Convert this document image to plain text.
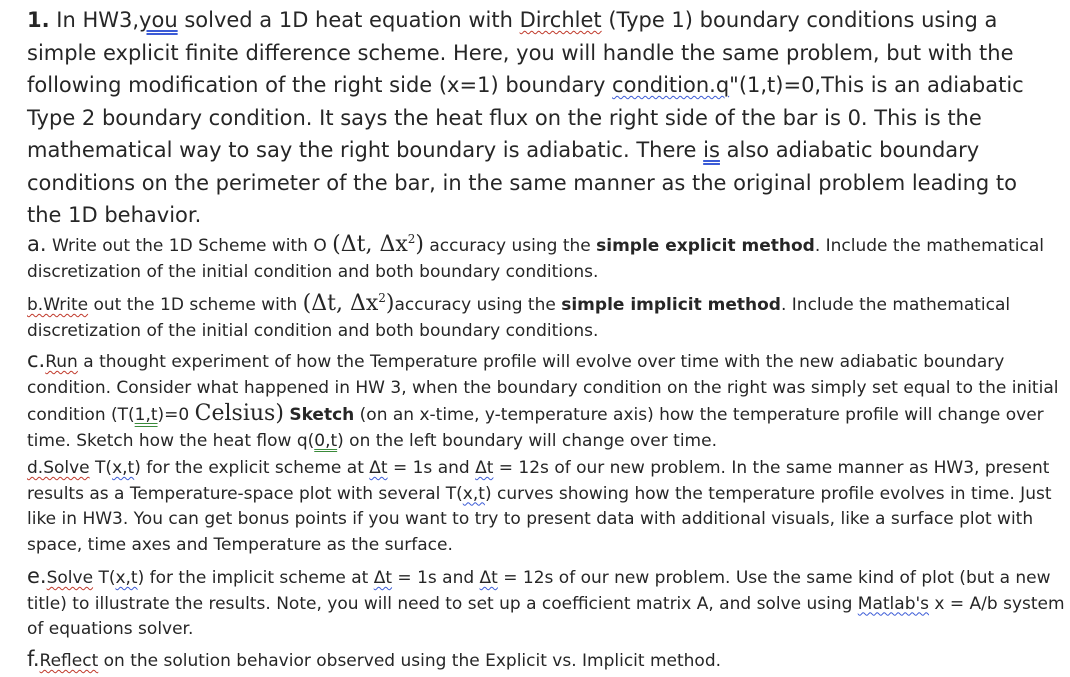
1. In HW3,you solved a 1D heat equation with Dirchlet (Type 1) boundary conditions using a simple explicit finite difference scheme. Here, you will handle the same problem, but with the following modification of the right side (x=1) boundary condition.q"(1,t)=0,This is an adiabatic Type 2 boundary condition. It says the heat flux on the right side of the bar is 0. This is the mathematical way to say the right boundary is adiabatic. There is also adiabatic boundary conditions on the perimeter of the bar, in the same manner as the original problem leading to the 1D behavior.
a. Write out the 1D Scheme with O (Δt, $\Delta x^2$) accuracy using the simple explicit method. Include the mathematical discretization of the initial condition and both boundary conditions.
b.Write out the 1D scheme with (Δt, $\Delta x^2)accuracy$ using the simple implicit method. Include the mathematical discretization of the initial condition and both boundary conditions.
c.Run a thought experiment of how the Temperature profile will evolve over time with the new adiabatic boundary condition. Consider what happened in HW 3, when the boundary condition on the right was simply set equal to the initial condition (T(1,t)=0 Celsius) Sketch (on an x-time, y-temperature axis) how the temperature profile will change over time. Sketch how the heat flow q(0,t) on the left boundary will change over time.
d.Solve T(x,t) for the explicit scheme at Δt = 1s and Δt = 12s of our new problem. In the same manner as HW3, present results as a Temperature-space plot with several T(x,t) curves showing how the temperature profile evolves in time. Just like in HW3. You can get bonus points if you want to try to present data with additional visuals, like a surface plot with space, time axes and Temperature as the surface.
e.Solve T(x,t) for the implicit scheme at Δt = 1s and Δt = 12s of our new problem. Use the same kind of plot (but a new title) to illustrate the results. Note, you will need to set up a coefficient matrix A, and solve using Matlab's x = A/b system of equations solver.
f.Reflect on the solution behavior observed using the Explicit vs. Implicit method.
